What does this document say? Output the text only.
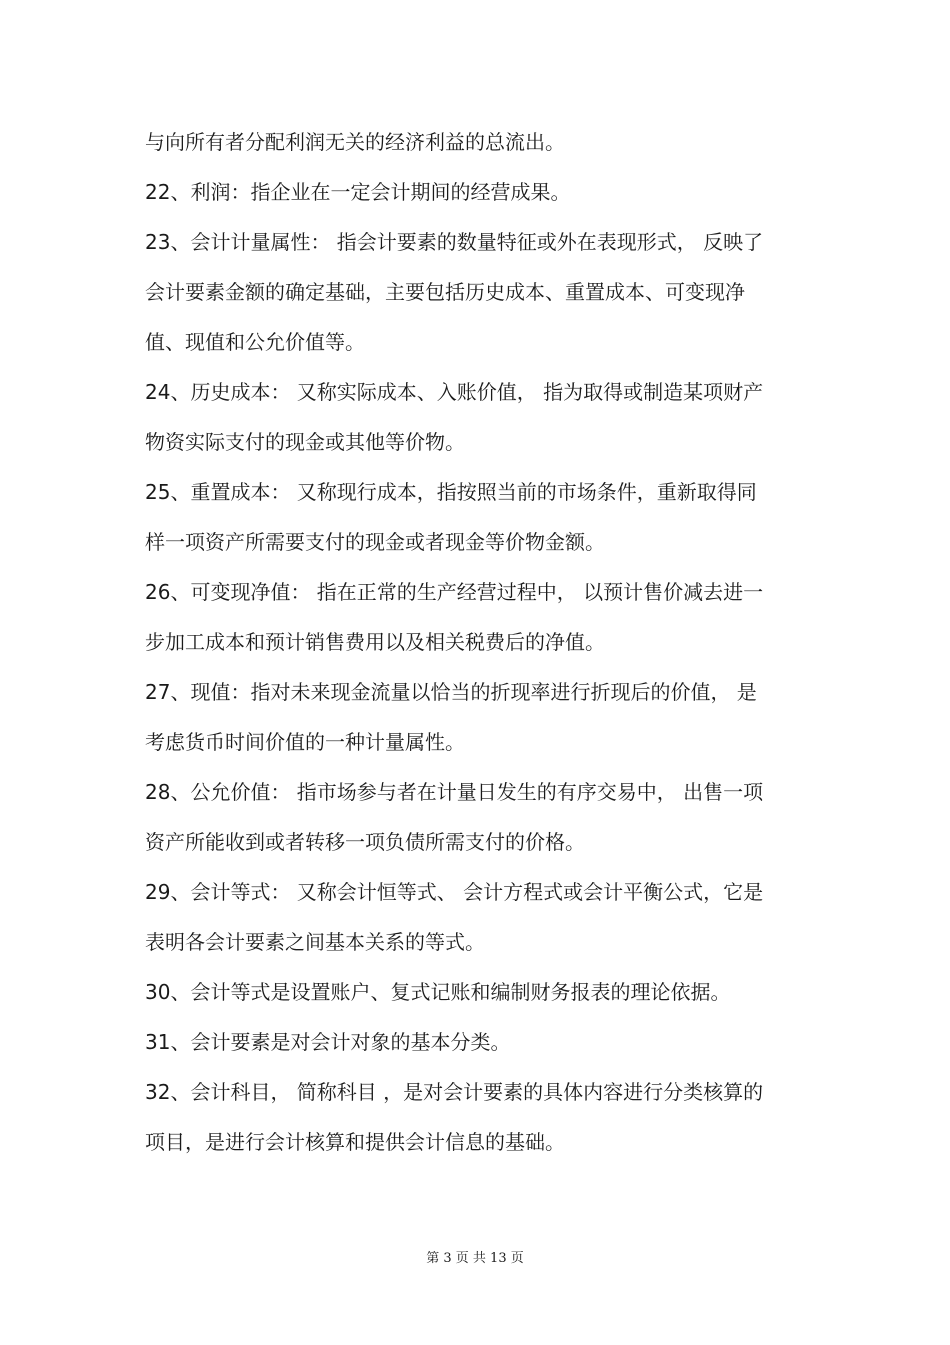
与向所有者分配利润无关的经济利益的总流出。
22、利润：指企业在一定会计期间的经营成果。
23、会计计量属性： 指会计要素的数量特征或外在表现形式， 反映了
会计要素金额的确定基础，主要包括历史成本、重置成本、可变现净
值、现值和公允价值等。
24、历史成本： 又称实际成本、入账价值， 指为取得或制造某项财产
物资实际支付的现金或其他等价物。
25、重置成本： 又称现行成本，指按照当前的市场条件，重新取得同
样一项资产所需要支付的现金或者现金等价物金额。
26、可变现净值： 指在正常的生产经营过程中， 以预计售价减去进一
步加工成本和预计销售费用以及相关税费后的净值。
27、现值：指对未来现金流量以恰当的折现率进行折现后的价值， 是
考虑货币时间价值的一种计量属性。
28、公允价值： 指市场参与者在计量日发生的有序交易中， 出售一项
资产所能收到或者转移一项负债所需支付的价格。
29、会计等式： 又称会计恒等式、 会计方程式或会计平衡公式，它是
表明各会计要素之间基本关系的等式。
30、会计等式是设置账户、复式记账和编制财务报表的理论依据。
31、会计要素是对会计对象的基本分类。
32、会计科目， 简称科目 ，是对会计要素的具体内容进行分类核算的
项目，是进行会计核算和提供会计信息的基础。
第 3 页 共 13 页
